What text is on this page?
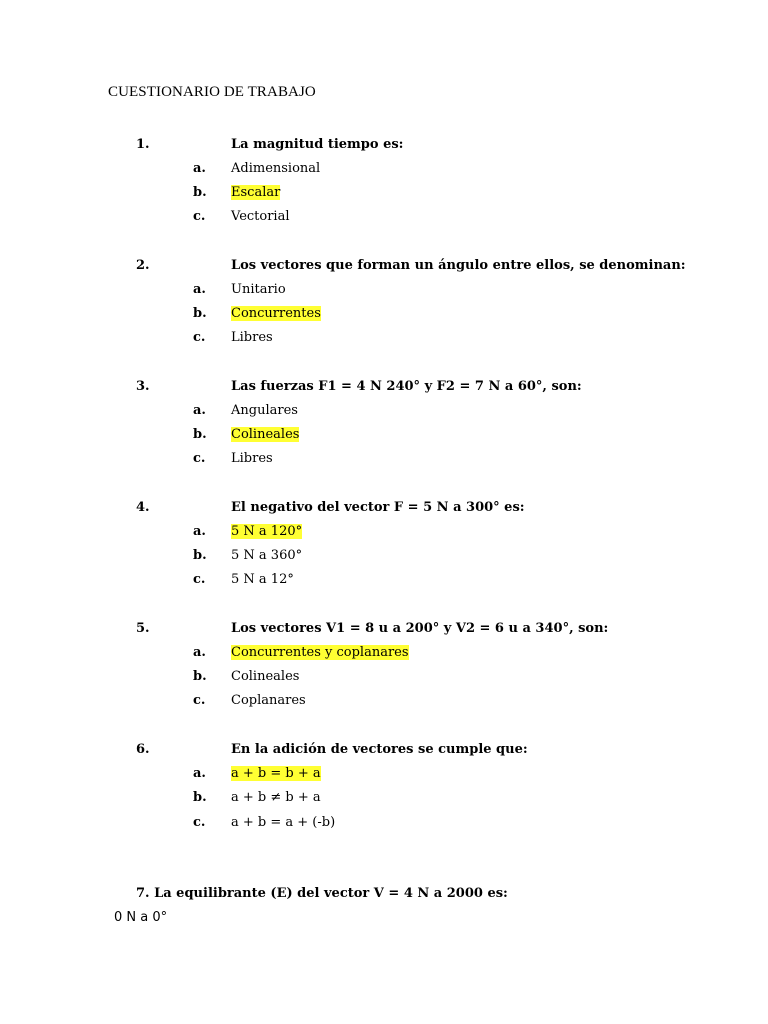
CUESTIONARIO DE TRABAJO
1.	La magnitud tiempo es:
a. Adimensional
b. Escalar
c. Vectorial
2.	Los vectores que forman un ángulo entre ellos, se denominan:
a. Unitario
b. Concurrentes
c. Libres
3.	Las fuerzas F1 = 4 N 240° y F2 = 7 N a 60°, son:
a. Angulares
b. Colineales
c. Libres
4.	El negativo del vector F = 5 N a 300° es:
a. 5 N a 120°
b. 5 N a 360°
c. 5 N a 12°
5.	Los vectores V1 = 8 u a 200° y V2 = 6 u a 340°, son:
a. Concurrentes y coplanares
b. Colineales
c. Coplanares
6.	En la adición de vectores se cumple que:
a. a + b = b + a
b. a + b ≠ b + a
c. a + b = a + (-b)
7. La equilibrante (E) del vector V = 4 N a 2000 es:
0 N a 0°
